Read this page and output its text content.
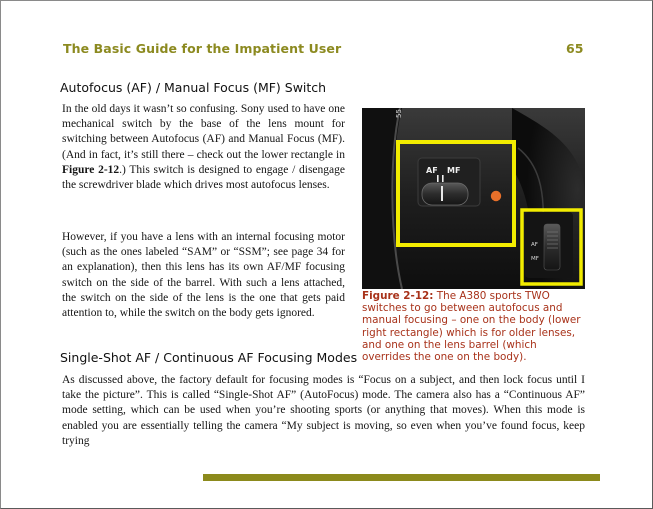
The Basic Guide for the Impatient User	65
Autofocus (AF) / Manual Focus (MF) Switch

In the old days it wasn’t so confusing. Sony used to have one mechanical switch by the base of the lens mount for switching between Autofocus (AF) and Manual Focus (MF). (And in fact, it’s still there – check out the lower rectangle in Figure 2-12.) This switch is designed to engage / disengage the screwdriver blade which drives most autofocus lenses.

However, if you have a lens with an internal focusing motor (such as the ones labeled “SAM” or “SSM”; see page 34 for an explanation), then this lens has its own AF/MF focusing switch on the side of the barrel. With such a lens attached, the switch on the side of the lens is the one that gets paid attention to, while the switch on the body gets ignored.

55
AF MF
AF
MF

Figure 2-12: The A380 sports TWO switches to go between autofocus and manual focusing – one on the body (lower right rectangle) which is for older lenses, and one on the lens barrel (which overrides the one on the body).

Single-Shot AF / Continuous AF Focusing Modes

As discussed above, the factory default for focusing modes is “Focus on a subject, and then lock focus until I take the picture”. This is called “Single-Shot AF” (AutoFocus) mode. The camera also has a “Continuous AF” mode setting, which can be used when you’re shooting sports (or anything that moves). When this mode is enabled you are essentially telling the camera “My subject is moving, so even when you’ve found focus, keep trying
